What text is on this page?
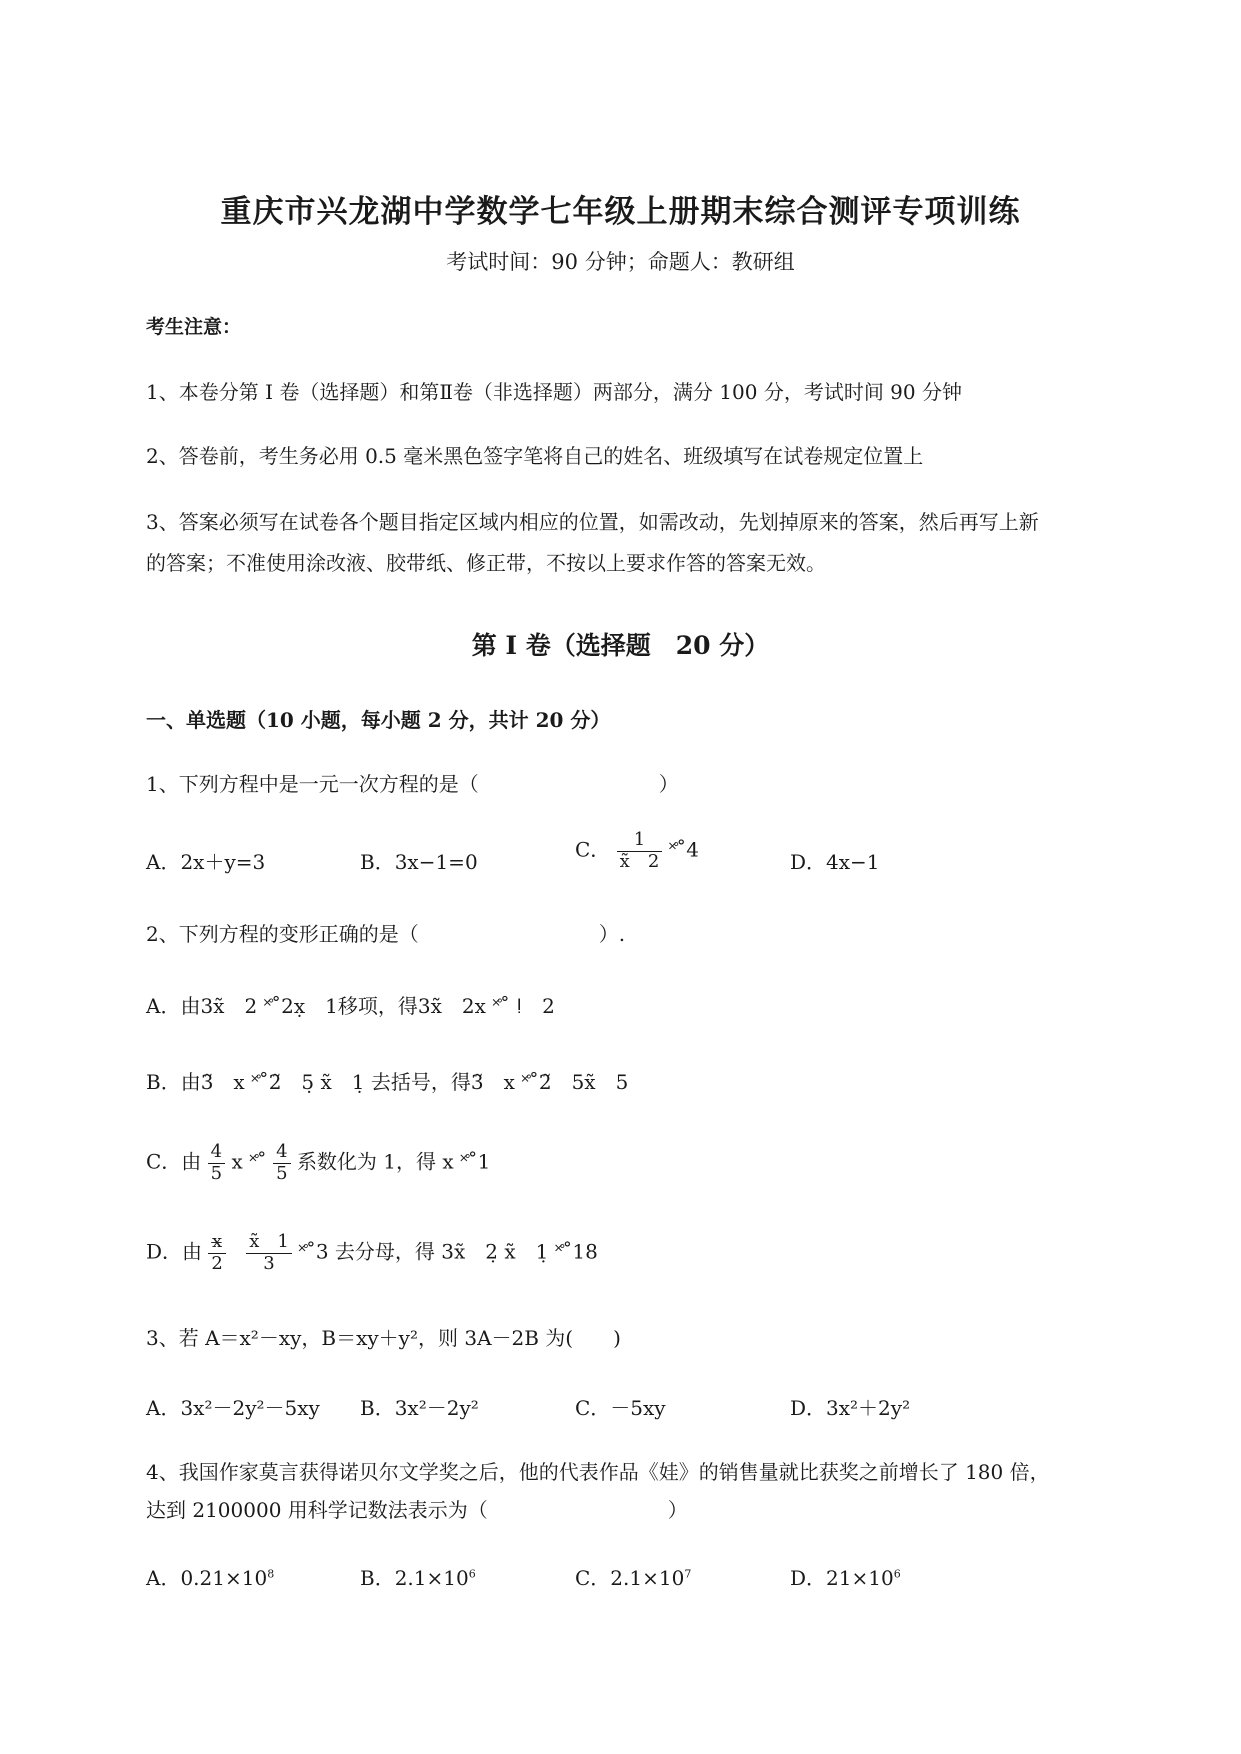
重庆市兴龙湖中学数学七年级上册期末综合测评专项训练
考试时间：90 分钟；命题人：教研组
考生注意：
1、本卷分第 I 卷（选择题）和第Ⅱ卷（非选择题）两部分，满分 100 分，考试时间 90 分钟
2、答卷前，考生务必用 0.5 毫米黑色签字笔将自己的姓名、班级填写在试卷规定位置上
3、答案必须写在试卷各个题目指定区域内相应的位置，如需改动，先划掉原来的答案，然后再写上新
的答案；不准使用涂改液、胶带纸、修正带，不按以上要求作答的答案无效。
第 I 卷（选择题　20 分）
一、单选题（10 小题，每小题 2 分，共计 20 分）
1、下列方程中是一元一次方程的是（　　　　　　　　　）
A．2x＋y=3	B．3x−1=0
C． $\frac{1}{x̃ 2}$ ˟̊˚4
D．4x−1
2、下列方程的变形正确的是（　　　　　　　　　）.
A．由3x̃　2 ˟̊˚2x̣　1移项，得3x̃　2x ˟̊˚ ǃ　2
B．由3̃　x ˟̊˚2̃　5̣ x̃　1̣ 去括号，得3̃　x ˟̊˚2̃　5x̃　5
C．由 $\frac{4}{5}$ x ˟̊˚ $\frac{4}{5}$ 系数化为 1，得 x ˟̊˚1
D．由 $\frac{x̶}{2}$
$\frac{x̃ 1}{3}$ ˟̊˚3 去分母，得 3x̃　2̣ x̃　1̣ ˟̊˚18
3、若 A＝x²－xy，B＝xy＋y²，则 3A－2B 为(　　)
A．3x²－2y²－5xy B．3x²－2y²	C．－5xy	D．3x²＋2y²
4、我国作家莫言获得诺贝尔文学奖之后，他的代表作品《娃》的销售量就比获奖之前增长了 180 倍，
达到 2100000 用科学记数法表示为（　　　　　　　　　）
A．$0.21\times 10^8$	B．$2.1\times 10^6$	C．$2.1\times 10^7$	D．$21\times 10^6$
